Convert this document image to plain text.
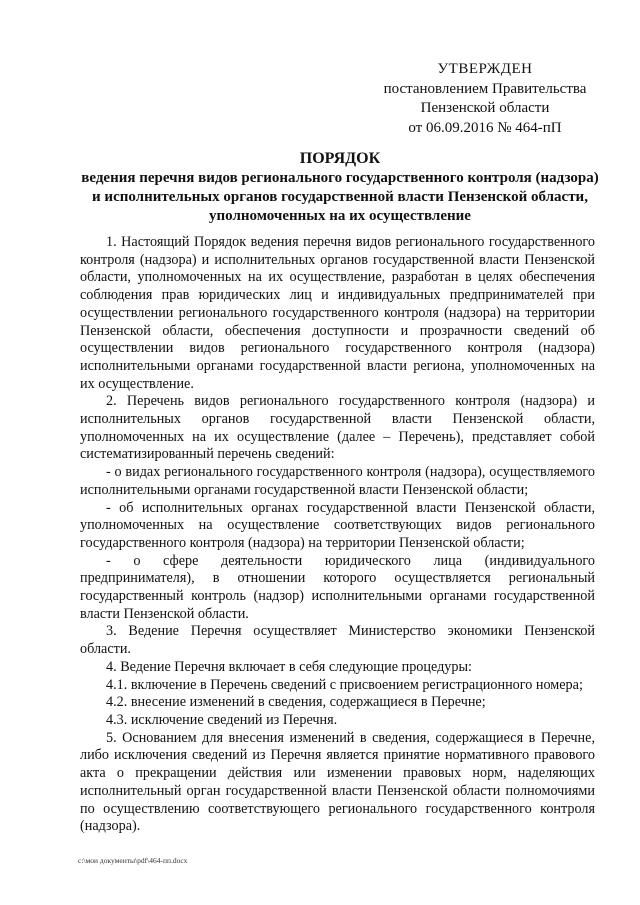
УТВЕРЖДЕН
постановлением Правительства
Пензенской области
от 06.09.2016 № 464-пП
ПОРЯДОК
ведения перечня видов регионального государственного контроля (надзора) и исполнительных органов государственной власти Пензенской области, уполномоченных на их осуществление

1. Настоящий Порядок ведения перечня видов регионального государственного контроля (надзора) и исполнительных органов государственной власти Пензенской области, уполномоченных на их осуществление, разработан в целях обеспечения соблюдения прав юридических лиц и индивидуальных предпринимателей при осуществлении регионального государственного контроля (надзора) на территории Пензенской области, обеспечения доступности и прозрачности сведений об осуществлении видов регионального государственного контроля (надзора) исполнительными органами государственной власти региона, уполномоченных на их осуществление.

2. Перечень видов регионального государственного контроля (надзора) и исполнительных органов государственной власти Пензенской области, уполномоченных на их осуществление (далее – Перечень), представляет собой систематизированный перечень сведений:

- о видах регионального государственного контроля (надзора), осуществляемого исполнительными органами государственной власти Пензенской области;

- об исполнительных органах государственной власти Пензенской области, уполномоченных на осуществление соответствующих видов регионального государственного контроля (надзора) на территории Пензенской области;

- о сфере деятельности юридического лица (индивидуального предпринимателя), в отношении которого осуществляется региональный государственный контроль (надзор) исполнительными органами государственной власти Пензенской области.

3. Ведение Перечня осуществляет Министерство экономики Пензенской области.

4. Ведение Перечня включает в себя следующие процедуры:

4.1. включение в Перечень сведений с присвоением регистрационного номера;

4.2. внесение изменений в сведения, содержащиеся в Перечне;

4.3. исключение сведений из Перечня.

5. Основанием для внесения изменений в сведения, содержащиеся в Перечне, либо исключения сведений из Перечня является принятие нормативного правового акта о прекращении действия или изменении правовых норм, наделяющих исполнительный орган государственной власти Пензенской области полномочиями по осуществлению соответствующего регионального государственного контроля (надзора).

c:\мои документы\pdf\464-пп.docx
